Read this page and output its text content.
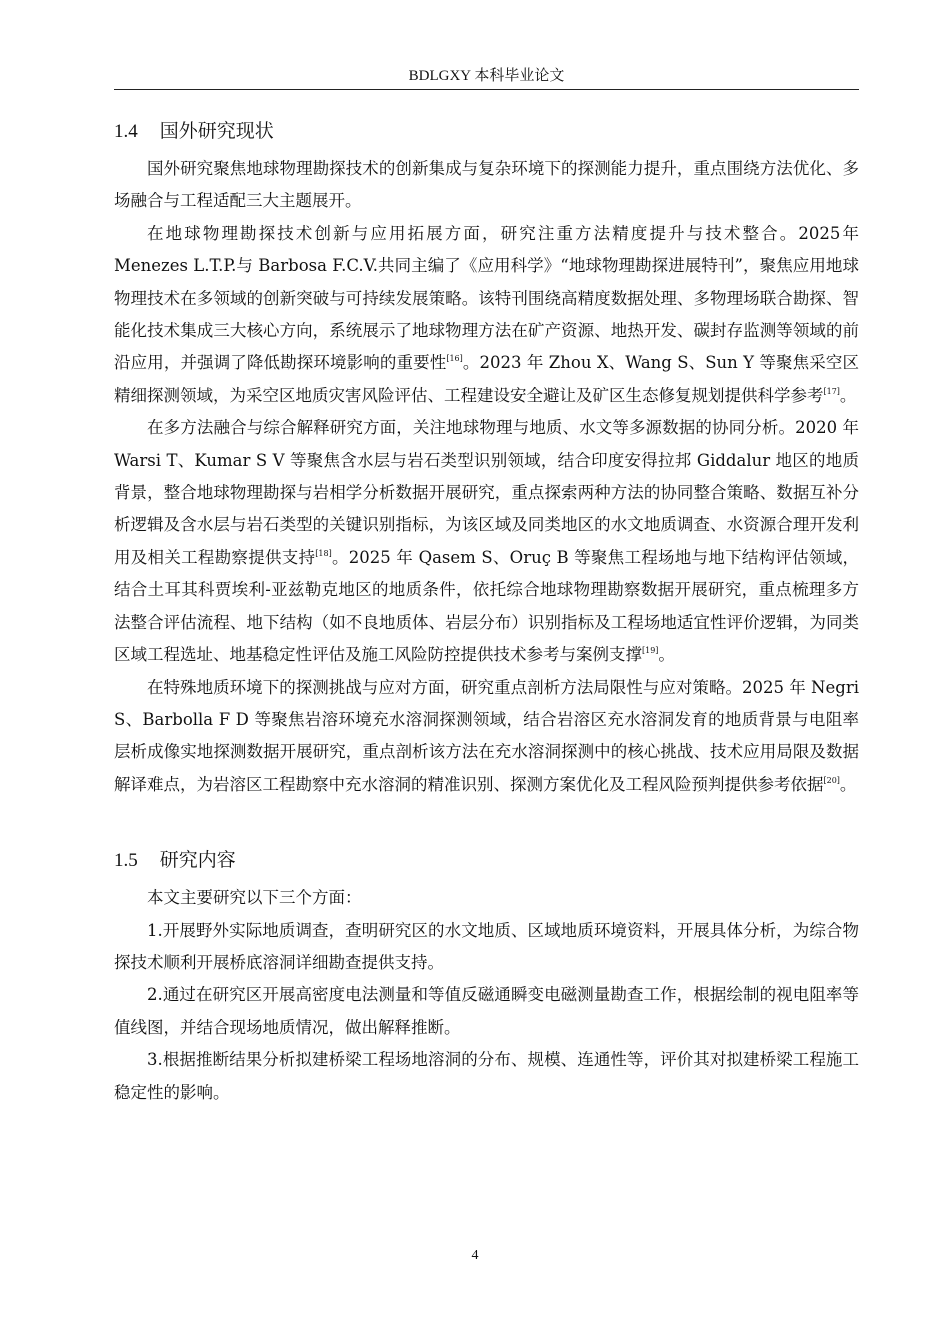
BDLGXY 本科毕业论文
1.4 国外研究现状

国外研究聚焦地球物理勘探技术的创新集成与复杂环境下的探测能力提升，重点围绕方法优化、多场融合与工程适配三大主题展开。

在地球物理勘探技术创新与应用拓展方面，研究注重方法精度提升与技术整合。2025年 Menezes L.T.P.与 Barbosa F.C.V.共同主编了《应用科学》“地球物理勘探进展特刊”，聚焦应用地球物理技术在多领域的创新突破与可持续发展策略。该特刊围绕高精度数据处理、多物理场联合勘探、智能化技术集成三大核心方向，系统展示了地球物理方法在矿产资源、地热开发、碳封存监测等领域的前沿应用，并强调了降低勘探环境影响的重要性[16]。2023 年 Zhou X、Wang S、Sun Y 等聚焦采空区精细探测领域，为采空区地质灾害风险评估、工程建设安全避让及矿区生态修复规划提供科学参考[17]。

在多方法融合与综合解释研究方面，关注地球物理与地质、水文等多源数据的协同分析。2020 年 Warsi T、Kumar S V 等聚焦含水层与岩石类型识别领域，结合印度安得拉邦 Giddalur 地区的地质背景，整合地球物理勘探与岩相学分析数据开展研究，重点探索两种方法的协同整合策略、数据互补分析逻辑及含水层与岩石类型的关键识别指标，为该区域及同类地区的水文地质调查、水资源合理开发利用及相关工程勘察提供支持[18]。2025 年 Qasem S、Oruç B 等聚焦工程场地与地下结构评估领域，结合土耳其科贾埃利-亚兹勒克地区的地质条件，依托综合地球物理勘察数据开展研究，重点梳理多方法整合评估流程、地下结构（如不良地质体、岩层分布）识别指标及工程场地适宜性评价逻辑，为同类区域工程选址、地基稳定性评估及施工风险防控提供技术参考与案例支撑[19]。

在特殊地质环境下的探测挑战与应对方面，研究重点剖析方法局限性与应对策略。2025 年 Negri S、Barbolla F D 等聚焦岩溶环境充水溶洞探测领域，结合岩溶区充水溶洞发育的地质背景与电阻率层析成像实地探测数据开展研究，重点剖析该方法在充水溶洞探测中的核心挑战、技术应用局限及数据解译难点，为岩溶区工程勘察中充水溶洞的精准识别、探测方案优化及工程风险预判提供参考依据[20]。

1.5 研究内容

本文主要研究以下三个方面：

1.开展野外实际地质调查，查明研究区的水文地质、区域地质环境资料，开展具体分析，为综合物探技术顺利开展桥底溶洞详细勘查提供支持。

2.通过在研究区开展高密度电法测量和等值反磁通瞬变电磁测量勘查工作，根据绘制的视电阻率等值线图，并结合现场地质情况，做出解释推断。

3.根据推断结果分析拟建桥梁工程场地溶洞的分布、规模、连通性等，评价其对拟建桥梁工程施工稳定性的影响。

4
